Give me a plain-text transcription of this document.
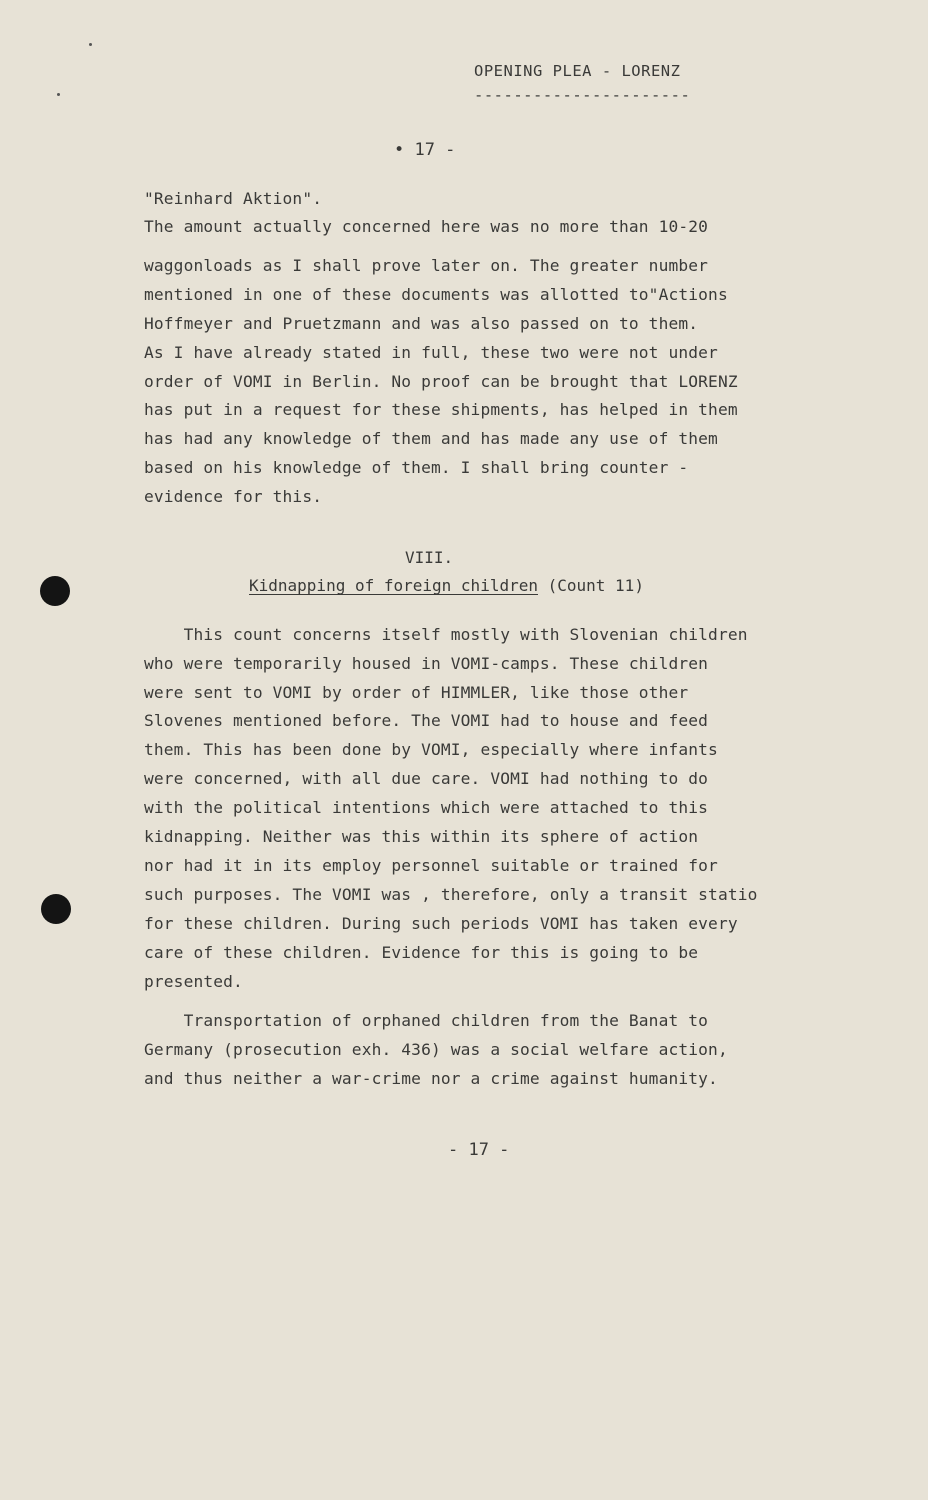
OPENING PLEA - LORENZ
----------------------
• 17 -
"Reinhard Aktion".
The amount actually concerned here was no more than 10-20
waggonloads as I shall prove later on. The greater number
mentioned in one of these documents was allotted to"Actions
Hoffmeyer and Pruetzmann and was also passed on to them.
As I have already stated in full, these two were not under
order of VOMI in Berlin. No proof can be brought that LORENZ
has put in a request for these shipments, has helped in them
has had any knowledge of them and has made any use of them
based on his knowledge of them. I shall bring counter -
evidence for this.
VIII.
Kidnapping of foreign children (Count 11)
This count concerns itself mostly with Slovenian children
who were temporarily housed in VOMI-camps. These children
were sent to VOMI by order of HIMMLER, like those other
Slovenes mentioned before. The VOMI had to house and feed
them. This has been done by VOMI, especially where infants
were concerned, with all due care. VOMI had nothing to do
with the political intentions which were attached to this
kidnapping. Neither was this within its sphere of action
nor had it in its employ personnel suitable or trained for
such purposes. The VOMI was , therefore, only a transit statio
for these children. During such periods VOMI has taken every
care of these children. Evidence for this is going to be
presented.
Transportation of orphaned children from the Banat to
Germany (prosecution exh. 436) was a social welfare action,
and thus neither a war-crime nor a crime against humanity.
- 17 -
